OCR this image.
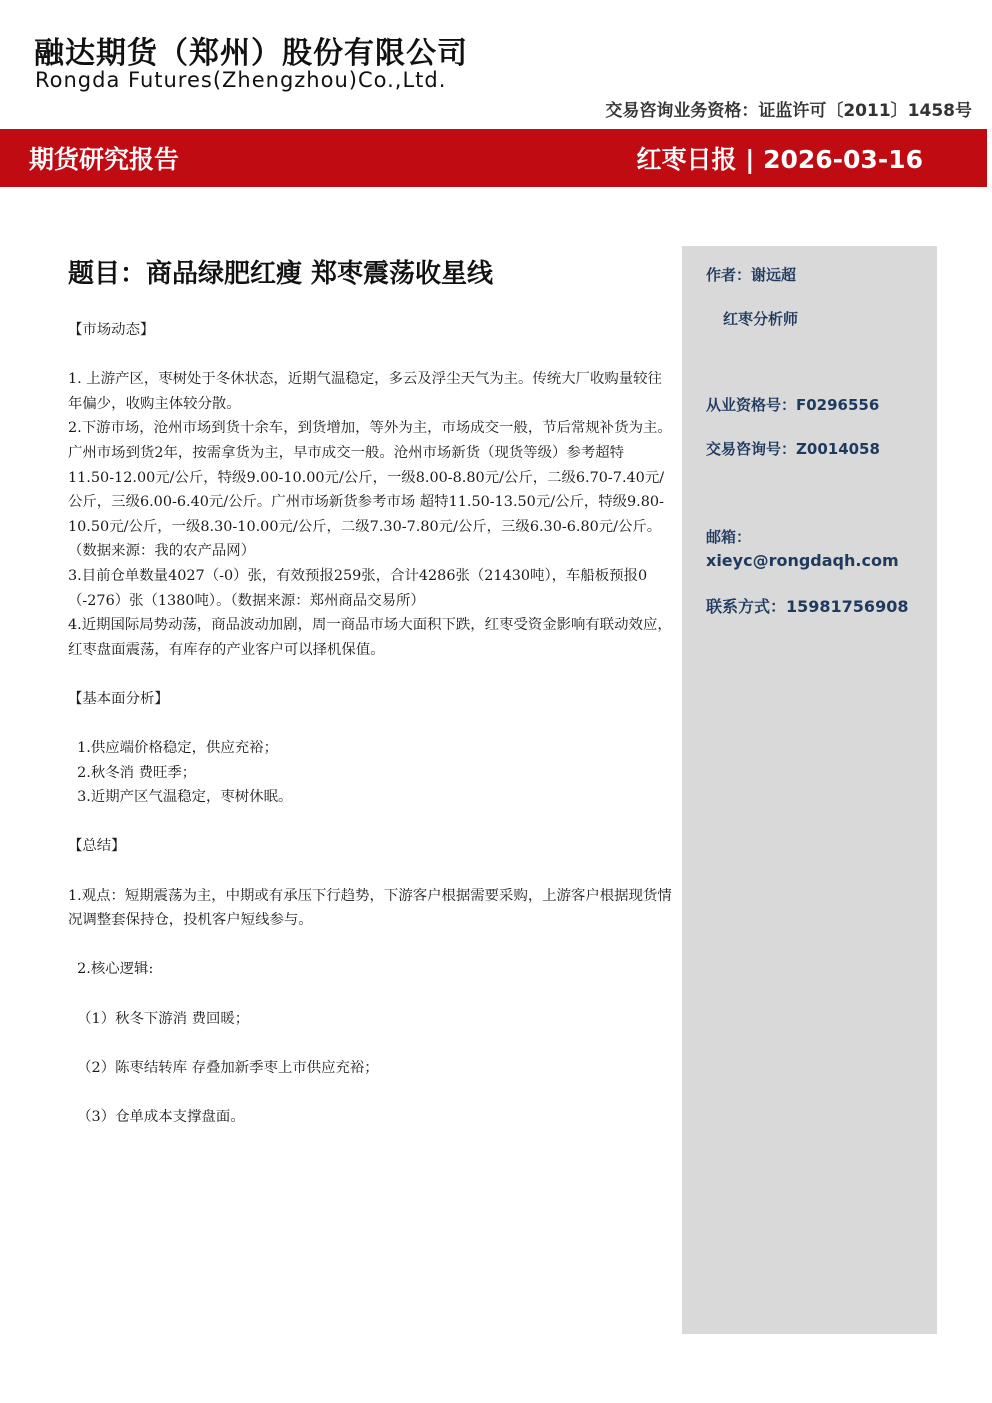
融达期货（郑州）股份有限公司
Rongda Futures(Zhengzhou)Co.,Ltd.
交易咨询业务资格：证监许可〔2011〕1458号
期货研究报告	红枣日报 | 2026-03-16
作者：谢远超
红枣分析师
从业资格号：F0296556
交易咨询号：Z0014058
邮箱：
xieyc@rongdaqh.com
联系方式：15981756908
题目：商品绿肥红瘦 郑枣震荡收星线

【市场动态】

1. 上游产区，枣树处于冬休状态，近期气温稳定，多云及浮尘天气为主。传统大厂收购量较往年偏少，收购主体较分散。

2.下游市场，沧州市场到货十余车，到货增加，等外为主，市场成交一般，节后常规补货为主。广州市场到货2年，按需拿货为主，早市成交一般。沧州市场新货（现货等级）参考超特 11.50-12.00元/公斤，特级9.00-10.00元/公斤，一级8.00-8.80元/公斤，二级6.70-7.40元/公斤，三级6.00-6.40元/公斤。广州市场新货参考市场 超特11.50-13.50元/公斤，特级9.80-10.50元/公斤，一级8.30-10.00元/公斤，二级7.30-7.80元/公斤，三级6.30-6.80元/公斤。（数据来源：我的农产品网）

3.目前仓单数量4027（-0）张，有效预报259张，合计4286张（21430吨），车船板预报0（-276）张（1380吨）。（数据来源：郑州商品交易所）

4.近期国际局势动荡，商品波动加剧，周一商品市场大面积下跌，红枣受资金影响有联动效应，红枣盘面震荡，有库存的产业客户可以择机保值。

【基本面分析】

1.供应端价格稳定，供应充裕；

2.秋冬消 费旺季；

3.近期产区气温稳定，枣树休眠。

【总结】

1.观点：短期震荡为主，中期或有承压下行趋势，下游客户根据需要采购，上游客户根据现货情况调整套保持仓，投机客户短线参与。

2.核心逻辑:

（1）秋冬下游消 费回暖；

（2）陈枣结转库 存叠加新季枣上市供应充裕；

（3）仓单成本支撑盘面。
